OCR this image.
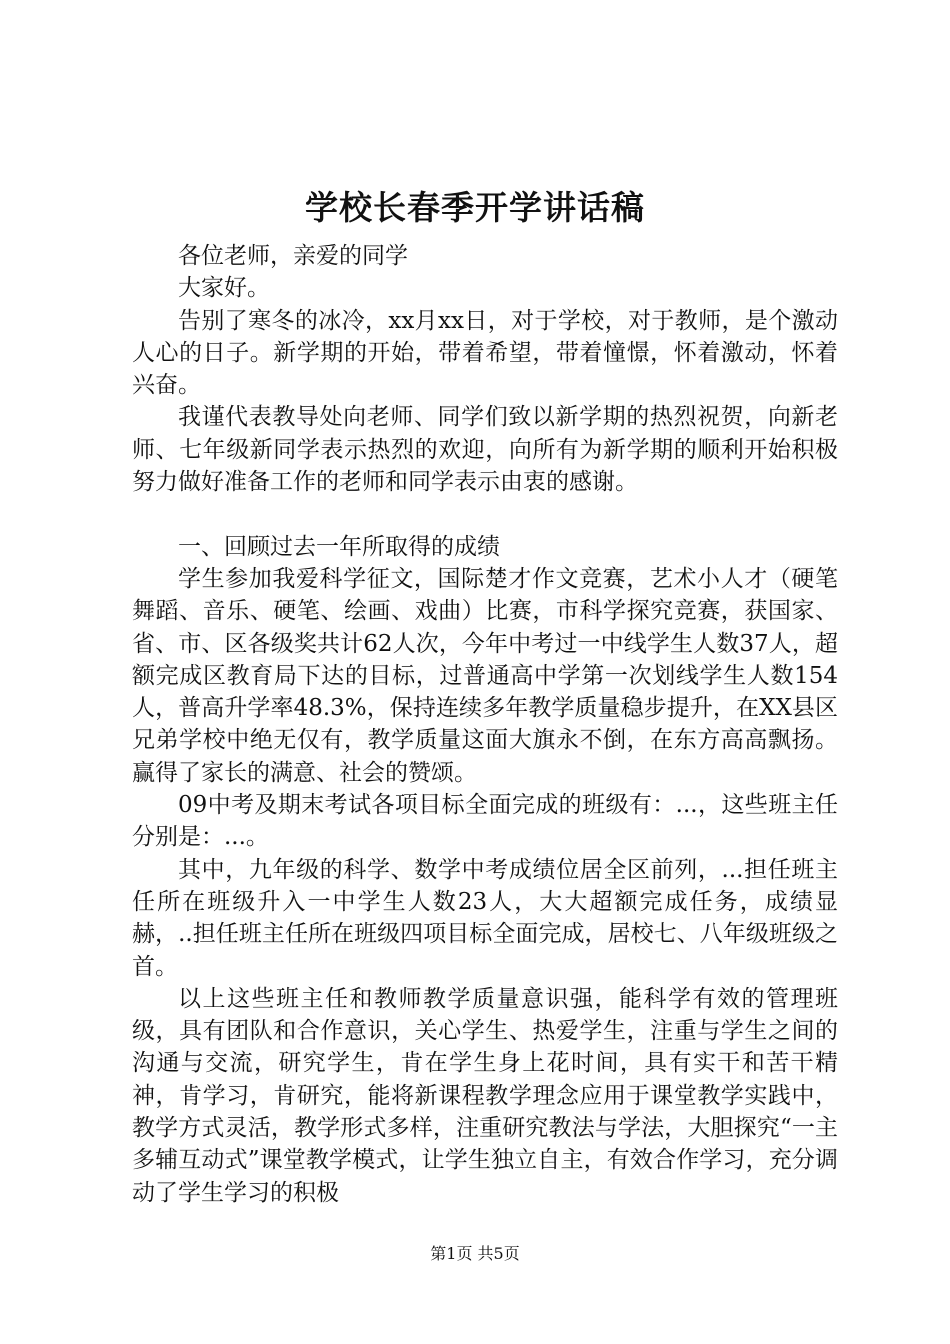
学校长春季开学讲话稿

各位老师，亲爱的同学

大家好。

告别了寒冬的冰冷，xx月xx日，对于学校，对于教师，是个激动人心的日子。新学期的开始，带着希望，带着憧憬，怀着激动，怀着兴奋。

我谨代表教导处向老师、同学们致以新学期的热烈祝贺，向新老师、七年级新同学表示热烈的欢迎，向所有为新学期的顺利开始积极努力做好准备工作的老师和同学表示由衷的感谢。

一、回顾过去一年所取得的成绩

学生参加我爱科学征文，国际楚才作文竞赛，艺术小人才（硬笔舞蹈、音乐、硬笔、绘画、戏曲）比赛，市科学探究竞赛，获国家、省、市、区各级奖共计62人次，今年中考过一中线学生人数37人，超额完成区教育局下达的目标，过普通高中学第一次划线学生人数154人，普高升学率48.3%，保持连续多年教学质量稳步提升，在XX县区兄弟学校中绝无仅有，教学质量这面大旗永不倒，在东方高高飘扬。赢得了家长的满意、社会的赞颂。

09中考及期末考试各项目标全面完成的班级有：...，这些班主任分别是：...。

其中，九年级的科学、数学中考成绩位居全区前列，...担任班主任所在班级升入一中学生人数23人，大大超额完成任务，成绩显赫，..担任班主任所在班级四项目标全面完成，居校七、八年级班级之首。

以上这些班主任和教师教学质量意识强，能科学有效的管理班级，具有团队和合作意识，关心学生、热爱学生，注重与学生之间的沟通与交流，研究学生，肯在学生身上花时间，具有实干和苦干精神，肯学习，肯研究，能将新课程教学理念应用于课堂教学实践中，教学方式灵活，教学形式多样，注重研究教法与学法，大胆探究“一主多辅互动式”课堂教学模式，让学生独立自主，有效合作学习，充分调动了学生学习的积极

第1页 共5页
